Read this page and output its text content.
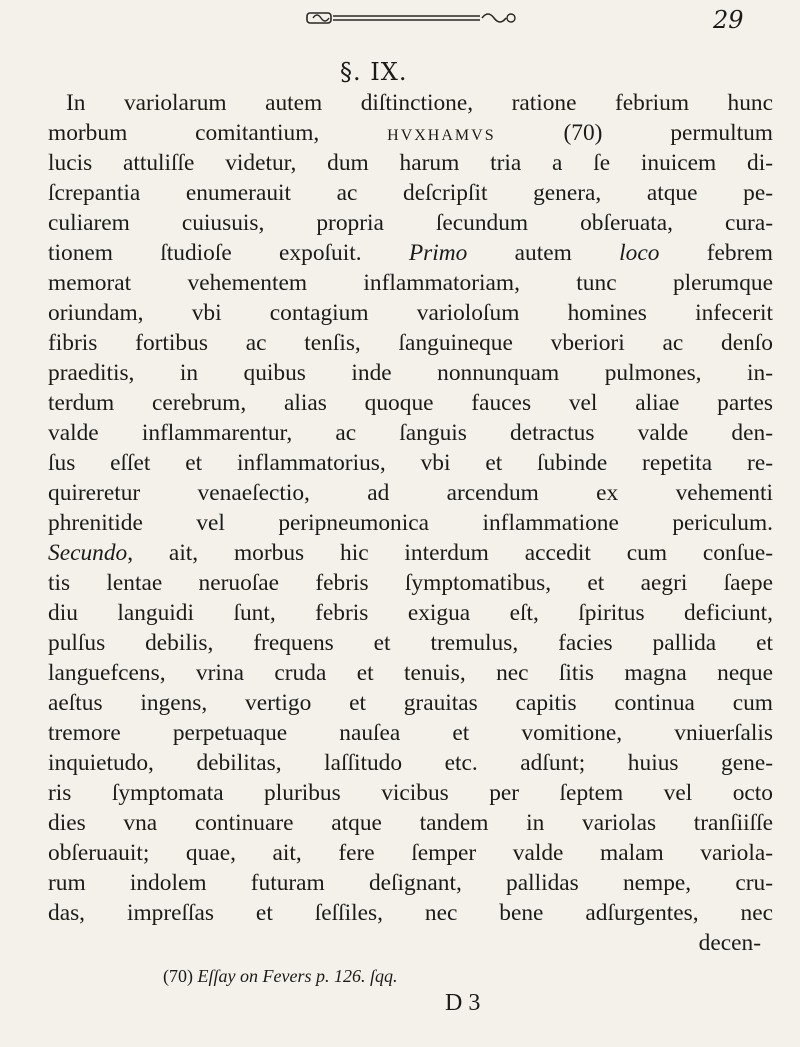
29
§. IX.
In variolarum autem diſtinctione, ratione febrium hunc
morbum comitantium, hvxhamvs (70) permultum
lucis attuliſſe videtur, dum harum tria a ſe inuicem di-
ſcrepantia enumerauit ac deſcripſit genera, atque pe-
culiarem cuiusuis, propria ſecundum obſeruata, cura-
tionem ſtudioſe expoſuit. Primo autem loco febrem
memorat vehementem inflammatoriam, tunc plerumque
oriundam, vbi contagium varioloſum homines infecerit
fibris fortibus ac tenſis, ſanguineque vberiori ac denſo
praeditis, in quibus inde nonnunquam pulmones, in-
terdum cerebrum, alias quoque fauces vel aliae partes
valde inflammarentur, ac ſanguis detractus valde den-
ſus eſſet et inflammatorius, vbi et ſubinde repetita re-
quireretur venaeſectio, ad arcendum ex vehementi
phrenitide vel peripneumonica inflammatione periculum.
Secundo, ait, morbus hic interdum accedit cum conſue-
tis lentae neruoſae febris ſymptomatibus, et aegri ſaepe
diu languidi ſunt, febris exigua eſt, ſpiritus deficiunt,
pulſus debilis, frequens et tremulus, facies pallida et
languefcens, vrina cruda et tenuis, nec ſitis magna neque
aeſtus ingens, vertigo et grauitas capitis continua cum
tremore perpetuaque nauſea et vomitione, vniuerſalis
inquietudo, debilitas, laſſitudo etc. adſunt; huius gene-
ris ſymptomata pluribus vicibus per ſeptem vel octo
dies vna continuare atque tandem in variolas tranſiiſſe
obſeruauit; quae, ait, fere ſemper valde malam variola-
rum indolem futuram deſignant, pallidas nempe, cru-
das, impreſſas et ſeſſiles, nec bene adſurgentes, nec
decen-
(70) Eſſay on Fevers p. 126. ſqq.
D 3
